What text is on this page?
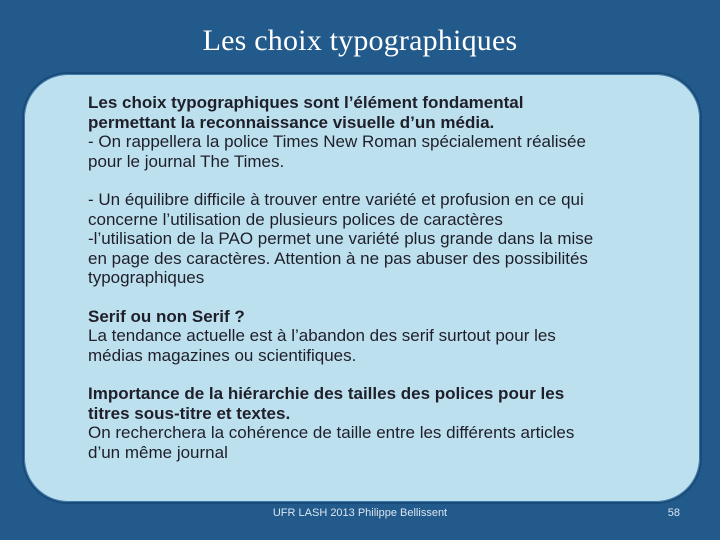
Les choix typographiques

Les choix typographiques sont l’élément fondamental

permettant la reconnaissance visuelle d’un média.

- On rappellera la police Times New Roman spécialement réalisée

pour le journal The Times.

- Un équilibre difficile à trouver entre variété et profusion en ce qui

concerne l’utilisation de plusieurs polices de caractères

-l’utilisation de la PAO permet une variété plus grande dans la mise

en page des caractères. Attention à ne pas abuser des possibilités

typographiques

Serif ou non Serif ?

La tendance actuelle est à l’abandon des serif surtout pour les

médias magazines ou scientifiques.

Importance de la hiérarchie des tailles des polices pour les

titres sous-titre et textes.

On recherchera la cohérence de taille entre les différents articles

d’un même journal

UFR LASH 2013 Philippe Bellissent	58
